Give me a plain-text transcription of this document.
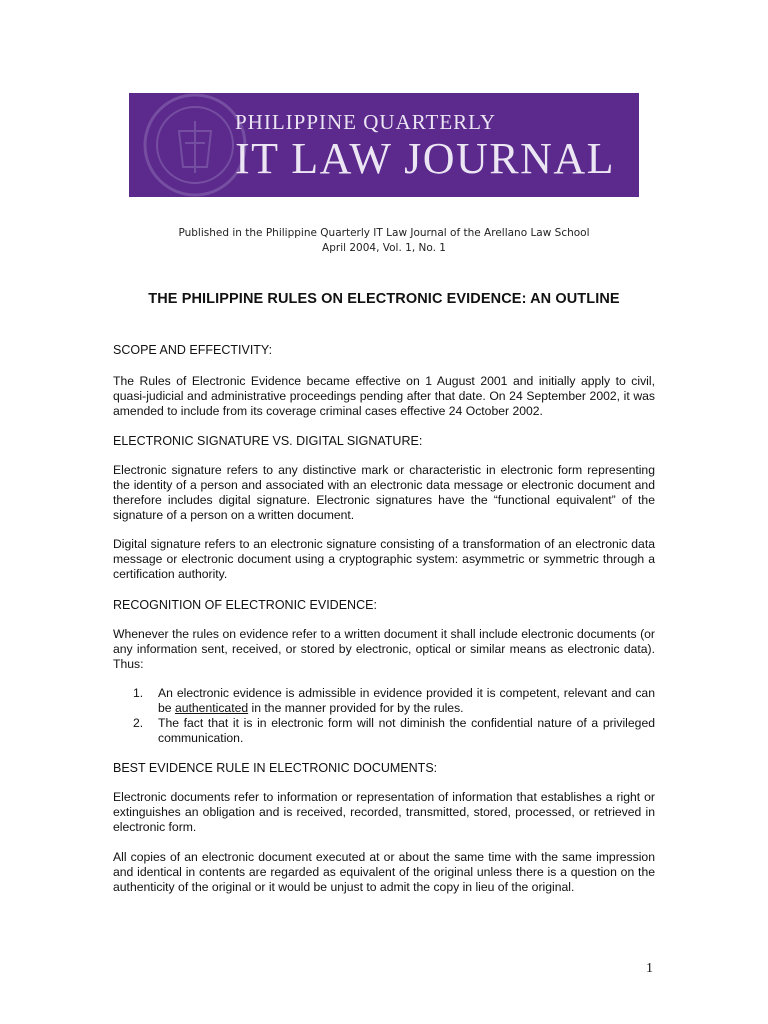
PHILIPPINE QUARTERLY
IT LAW JOURNAL
Published in the Philippine Quarterly IT Law Journal of the Arellano Law School
April 2004, Vol. 1, No. 1
THE PHILIPPINE RULES ON ELECTRONIC EVIDENCE: AN OUTLINE
SCOPE AND EFFECTIVITY:

The Rules of Electronic Evidence became effective on 1 August 2001 and initially apply to civil, quasi-judicial and administrative proceedings pending after that date. On 24 September 2002, it was amended to include from its coverage criminal cases effective 24 October 2002.

ELECTRONIC SIGNATURE VS. DIGITAL SIGNATURE:

Electronic signature refers to any distinctive mark or characteristic in electronic form representing the identity of a person and associated with an electronic data message or electronic document and therefore includes digital signature. Electronic signatures have the “functional equivalent” of the signature of a person on a written document.

Digital signature refers to an electronic signature consisting of a transformation of an electronic data message or electronic document using a cryptographic system: asymmetric or symmetric through a certification authority.

RECOGNITION OF ELECTRONIC EVIDENCE:

Whenever the rules on evidence refer to a written document it shall include electronic documents (or any information sent, received, or stored by electronic, optical or similar means as electronic data). Thus:

1.	An electronic evidence is admissible in evidence provided it is competent, relevant and can be authenticated in the manner provided for by the rules.
2.	The fact that it is in electronic form will not diminish the confidential nature of a privileged communication.
BEST EVIDENCE RULE IN ELECTRONIC DOCUMENTS:

Electronic documents refer to information or representation of information that establishes a right or extinguishes an obligation and is received, recorded, transmitted, stored, processed, or retrieved in electronic form.

All copies of an electronic document executed at or about the same time with the same impression and identical in contents are regarded as equivalent of the original unless there is a question on the authenticity of the original or it would be unjust to admit the copy in lieu of the original.

1
